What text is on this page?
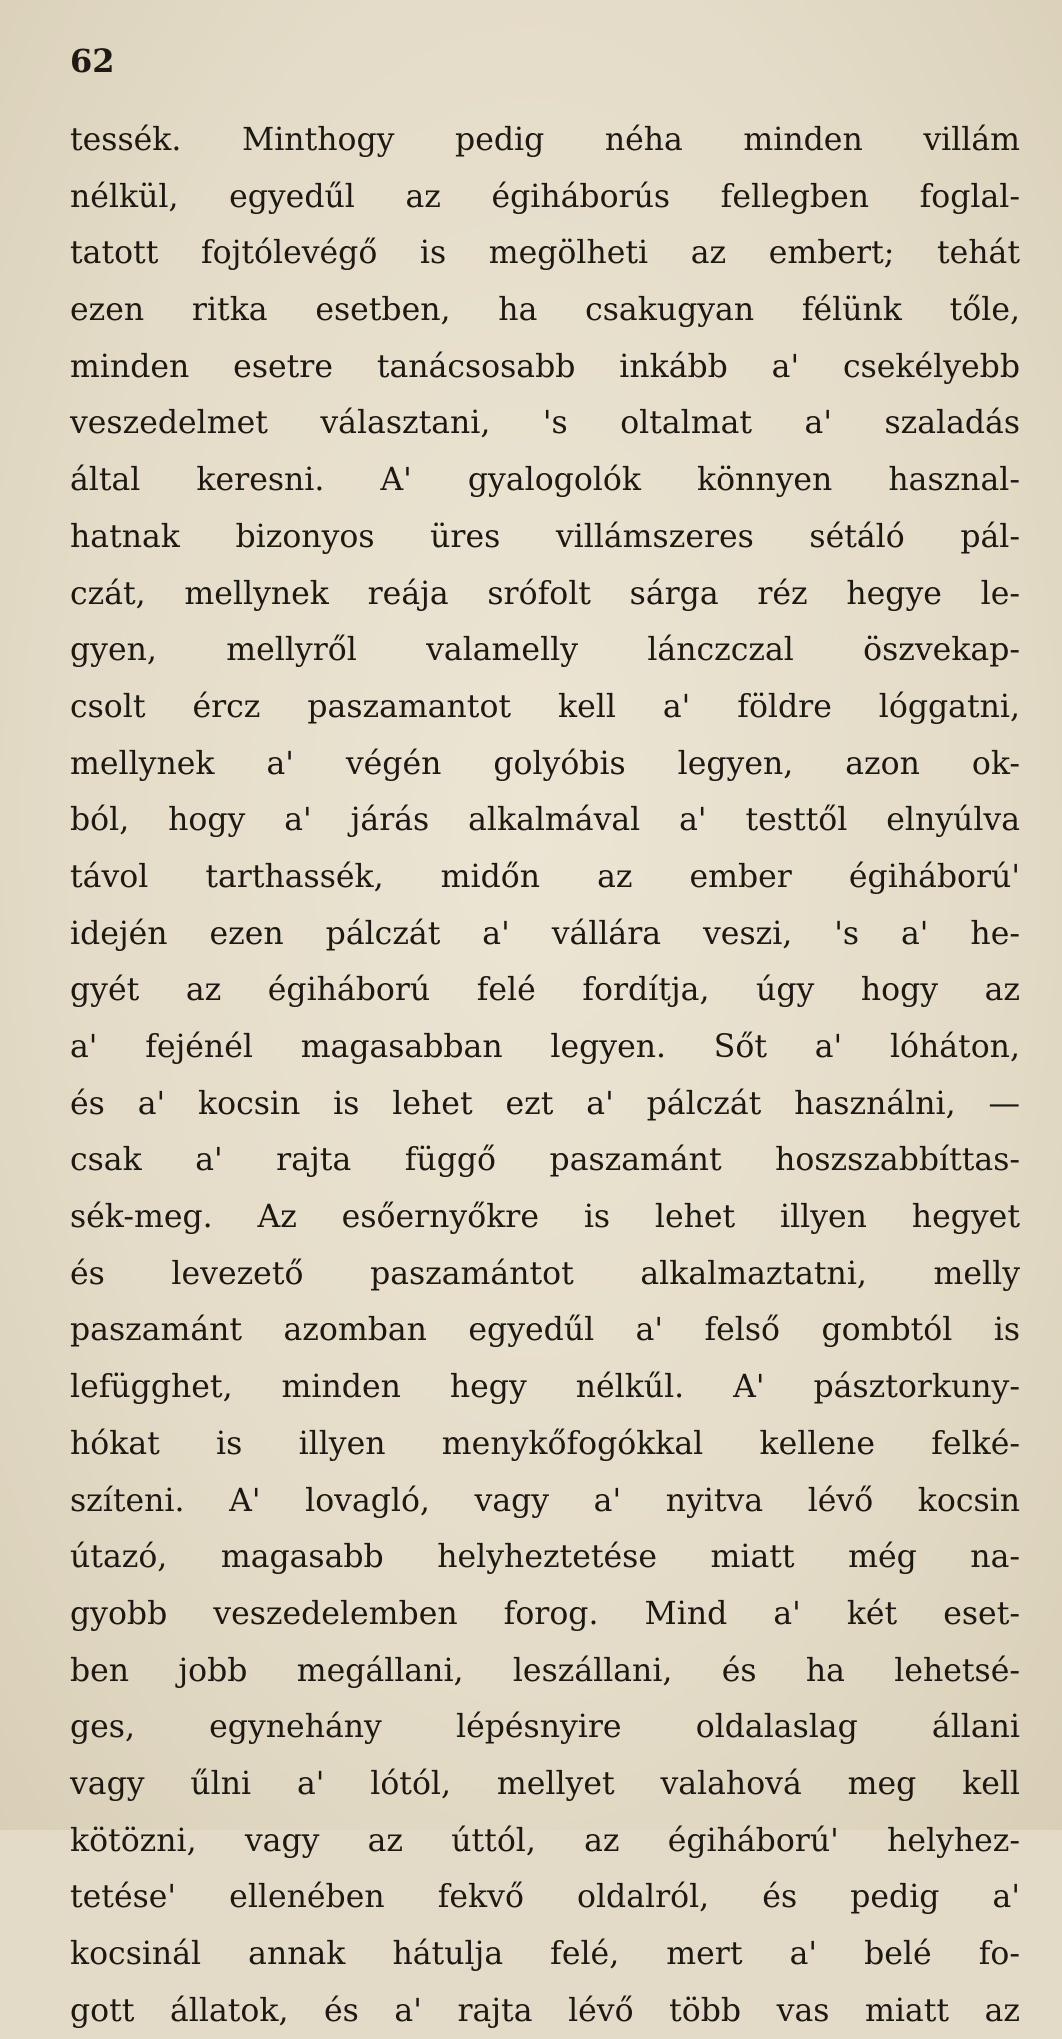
62
tessék. Minthogy pedig néha minden villám
nélkül, egyedűl az égiháborús fellegben foglal-
tatott fojtólevégő is megölheti az embert; tehát
ezen ritka esetben, ha csakugyan félünk tőle,
minden esetre tanácsosabb inkább a' csekélyebb
veszedelmet választani, 's oltalmat a' szaladás
által keresni. A' gyalogolók könnyen hasznal-
hatnak bizonyos üres villámszeres sétáló pál-
czát, mellynek reája srófolt sárga réz hegye le-
gyen, mellyről valamelly lánczczal öszvekap-
csolt ércz paszamantot kell a' földre lóggatni,
mellynek a' végén golyóbis legyen, azon ok-
ból, hogy a' járás alkalmával a' testtől elnyúlva
távol tarthassék, midőn az ember égiháború'
idején ezen pálczát a' vállára veszi, 's a' he-
gyét az égiháború felé fordítja, úgy hogy az
a' fejénél magasabban legyen. Sőt a' lóháton,
és a' kocsin is lehet ezt a' pálczát használni, —
csak a' rajta függő paszamánt hoszszabbíttas-
sék-meg. Az esőernyőkre is lehet illyen hegyet
és levezető paszamántot alkalmaztatni, melly
paszamánt azomban egyedűl a' felső gombtól is
lefügghet, minden hegy nélkűl. A' pásztorkuny-
hókat is illyen menykőfogókkal kellene felké-
szíteni. A' lovagló, vagy a' nyitva lévő kocsin
útazó, magasabb helyheztetése miatt még na-
gyobb veszedelemben forog. Mind a' két eset-
ben jobb megállani, leszállani, és ha lehetsé-
ges, egynehány lépésnyire oldalaslag állani
vagy űlni a' lótól, mellyet valahová meg kell
kötözni, vagy az úttól, az égiháború' helyhez-
tetése' ellenében fekvő oldalról, és pedig a'
kocsinál annak hátulja felé, mert a' belé fo-
gott állatok, és a' rajta lévő több vas miatt az
